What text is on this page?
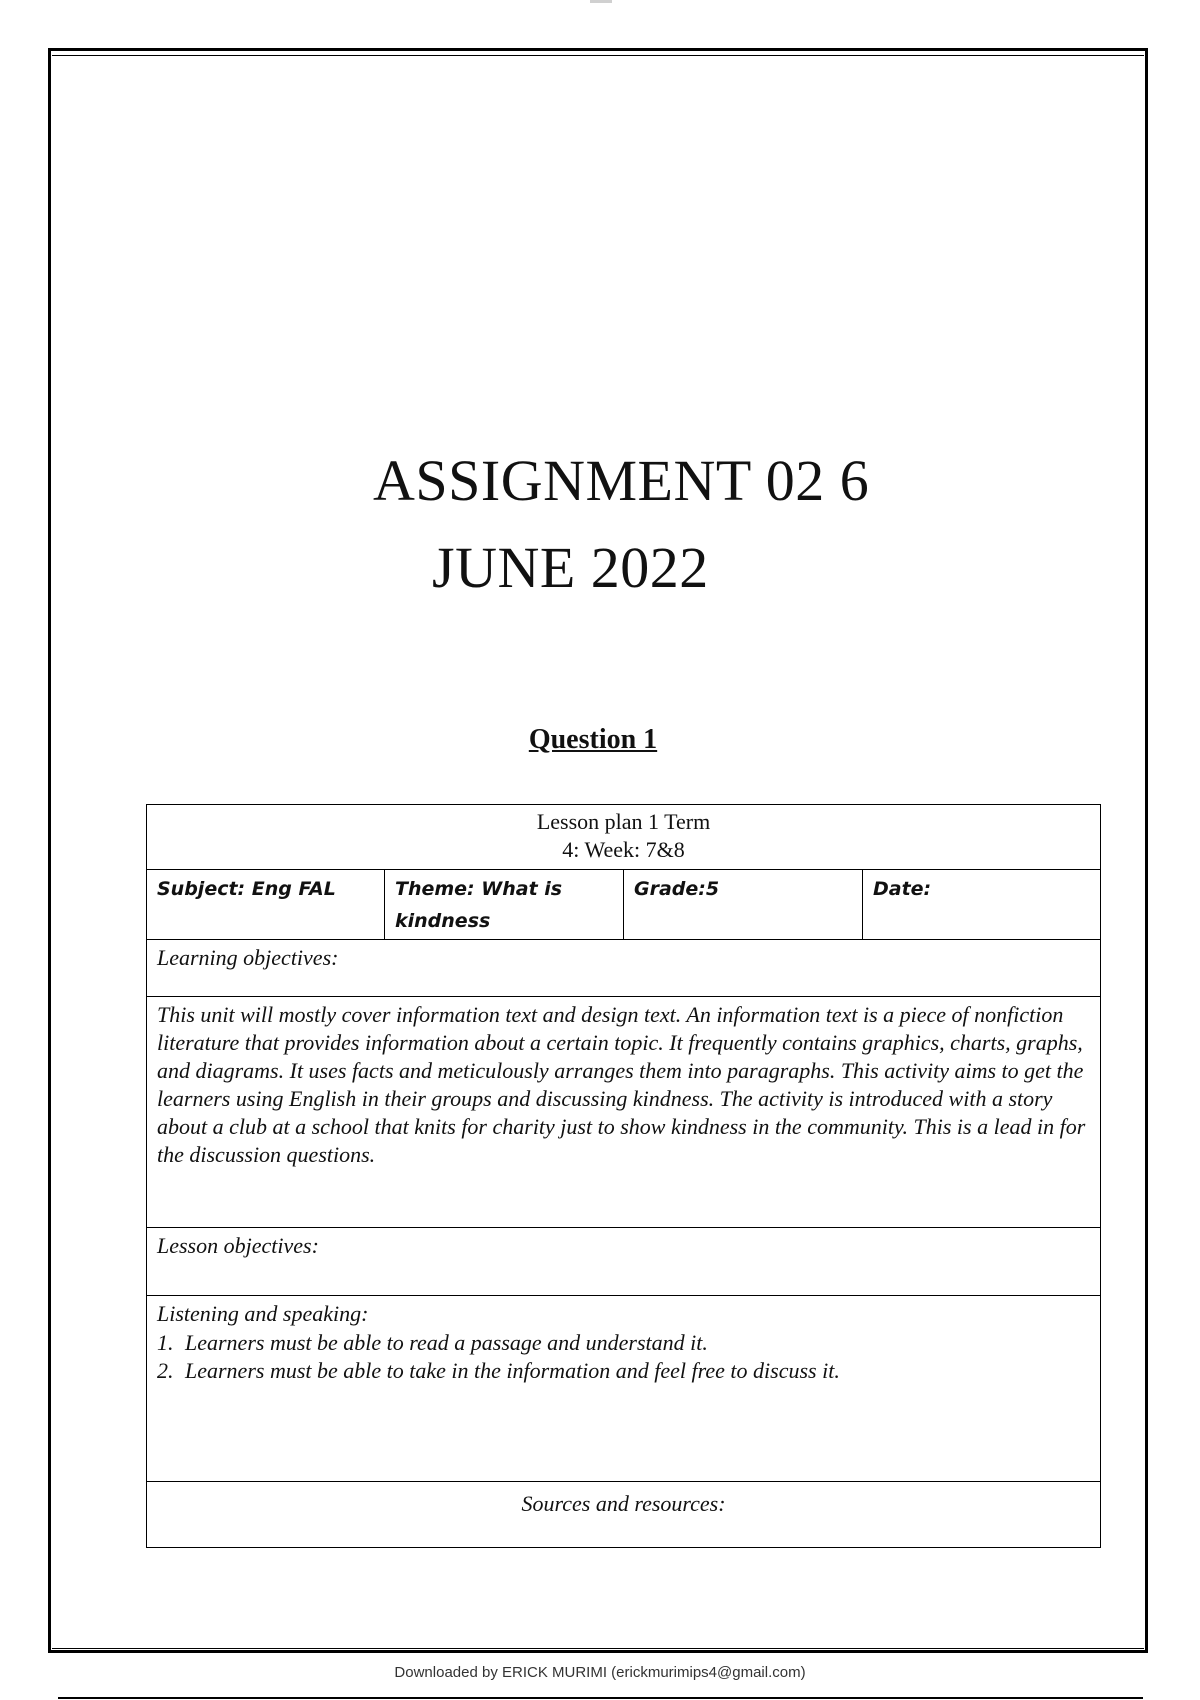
ASSIGNMENT 02 6
JUNE 2022
Question 1
Lesson plan 1 Term
4: Week: 7&8

Subject: Eng FAL	Theme: What is kindness	Grade:5	Date:
Learning objectives:
This unit will mostly cover information text and design text. An information text is a piece of nonfiction literature that provides information about a certain topic. It frequently contains graphics, charts, graphs, and diagrams. It uses facts and meticulously arranges them into paragraphs. This activity aims to get the learners using English in their groups and discussing kindness. The activity is introduced with a story about a club at a school that knits for charity just to show kindness in the community. This is a lead in for the discussion questions.
Lesson objectives:

Listening and speaking:
1. Learners must be able to read a passage and understand it.
2. Learners must be able to take in the information and feel free to discuss it.

Sources and resources:
Downloaded by ERICK MURIMI (erickmurimips4@gmail.com)
